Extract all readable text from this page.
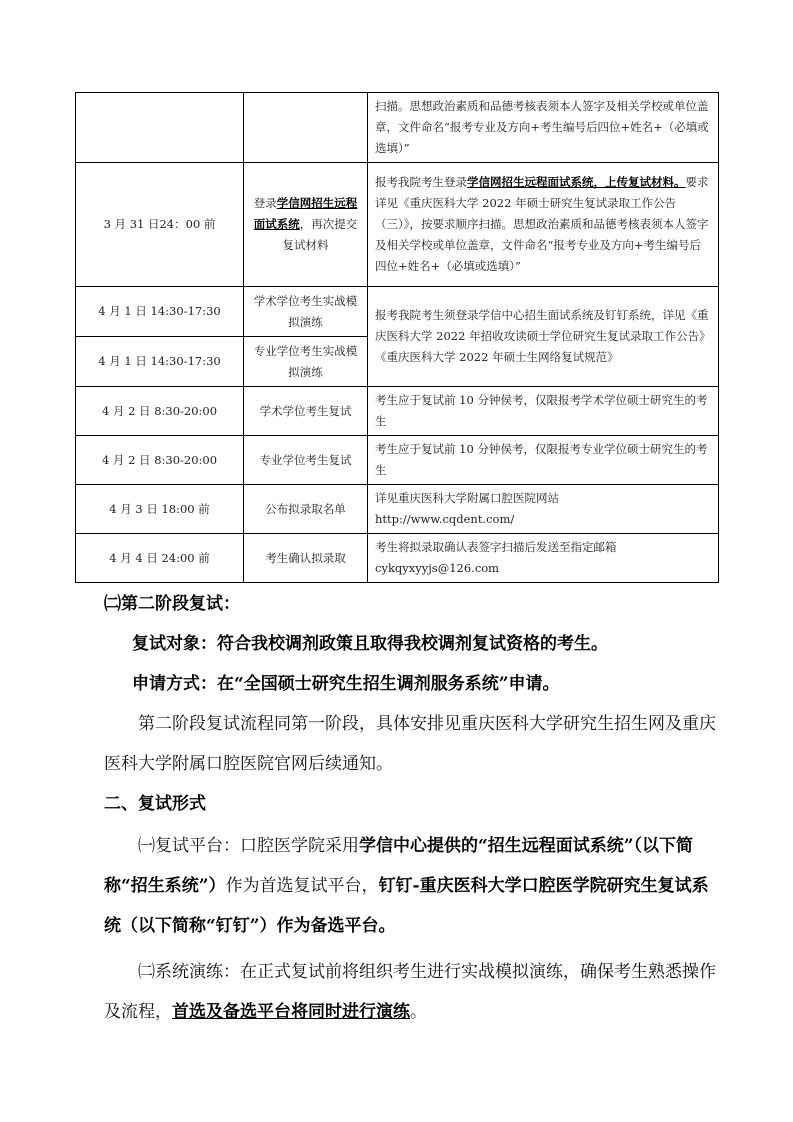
		扫描。思想政治素质和品德考核表须本人签字及相关学校或单位盖章，文件命名“报考专业及方向+考生编号后四位+姓名+（必填或选填）”
3 月 31 日24：00 前	登录学信网招生远程面试系统，再次提交复试材料	报考我院考生登录学信网招生远程面试系统，上传复试材料。要求详见《重庆医科大学 2022 年硕士研究生复试录取工作公告（三）》，按要求顺序扫描。思想政治素质和品德考核表须本人签字及相关学校或单位盖章，文件命名“报考专业及方向+考生编号后四位+姓名+（必填或选填）”
4 月 1 日 14:30-17:30	学术学位考生实战模拟演练	报考我院考生须登录学信中心招生面试系统及钉钉系统，详见《重庆医科大学 2022 年招收攻读硕士学位研究生复试录取工作公告》《重庆医科大学 2022 年硕士生网络复试规范》
4 月 1 日 14:30-17:30	专业学位考生实战模拟演练	
4 月 2 日 8:30-20:00	学术学位考生复试	考生应于复试前 10 分钟侯考，仅限报考学术学位硕士研究生的考生
4 月 2 日 8:30-20:00	专业学位考生复试	考生应于复试前 10 分钟侯考，仅限报考专业学位硕士研究生的考生
4 月 3 日 18:00 前	公布拟录取名单	详见重庆医科大学附属口腔医院网站
http://www.cqdent.com/

4 月 4 日 24:00 前	考生确认拟录取	考生将拟录取确认表签字扫描后发送至指定邮箱
cykqyxyyjs@126.com
㈡第二阶段复试：
复试对象：符合我校调剂政策且取得我校调剂复试资格的考生。
申请方式：在“全国硕士研究生招生调剂服务系统”申请。
第二阶段复试流程同第一阶段，具体安排见重庆医科大学研究生招生网及重庆医科大学附属口腔医院官网后续通知。
二、复试形式
㈠复试平台：口腔医学院采用学信中心提供的“招生远程面试系统”（以下简称“招生系统”）作为首选复试平台，钉钉-重庆医科大学口腔医学院研究生复试系统（以下简称“钉钉”）作为备选平台。
㈡系统演练：在正式复试前将组织考生进行实战模拟演练，确保考生熟悉操作及流程，首选及备选平台将同时进行演练。
